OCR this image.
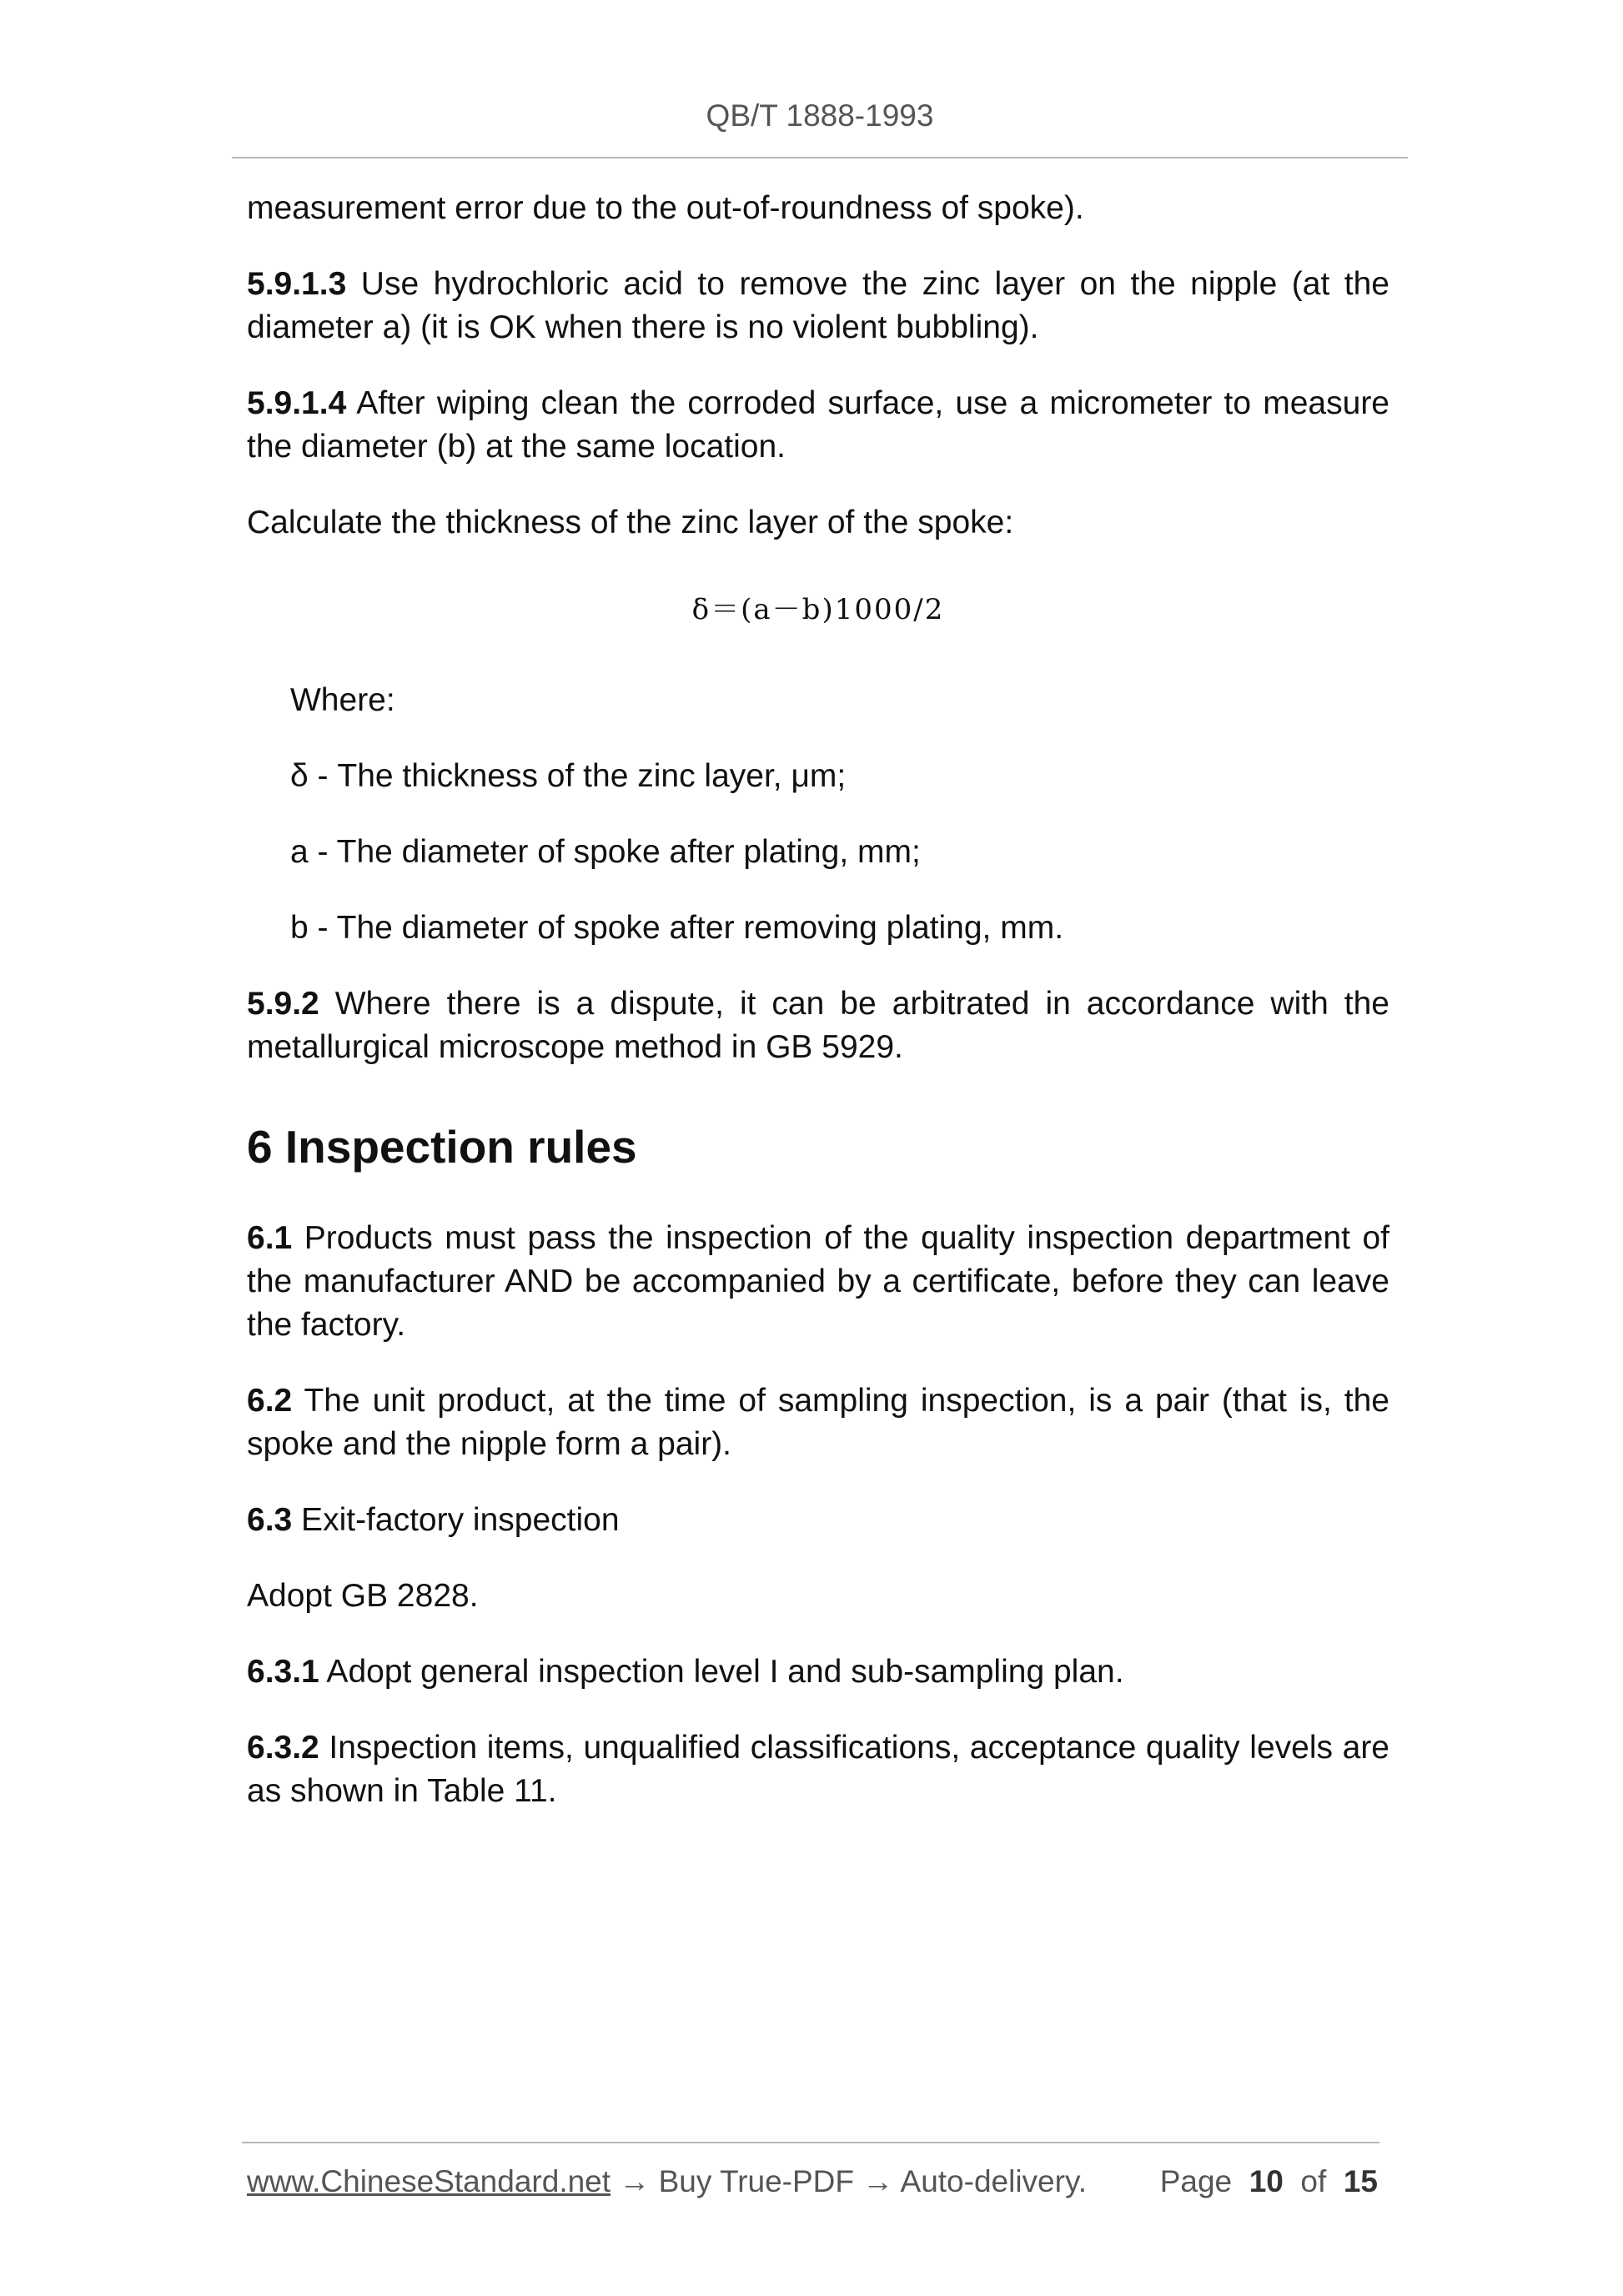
QB/T 1888-1993

measurement error due to the out-of-roundness of spoke).

5.9.1.3 Use hydrochloric acid to remove the zinc layer on the nipple (at the diameter a) (it is OK when there is no violent bubbling).

5.9.1.4 After wiping clean the corroded surface, use a micrometer to measure the diameter (b) at the same location.

Calculate the thickness of the zinc layer of the spoke:

δ＝(a－b)1000/2

Where:

δ - The thickness of the zinc layer, μm;

a - The diameter of spoke after plating, mm;

b - The diameter of spoke after removing plating, mm.

5.9.2 Where there is a dispute, it can be arbitrated in accordance with the metallurgical microscope method in GB 5929.

6 Inspection rules

6.1 Products must pass the inspection of the quality inspection department of the manufacturer AND be accompanied by a certificate, before they can leave the factory.

6.2 The unit product, at the time of sampling inspection, is a pair (that is, the spoke and the nipple form a pair).

6.3 Exit-factory inspection

Adopt GB 2828.

6.3.1 Adopt general inspection level I and sub-sampling plan.

6.3.2 Inspection items, unqualified classifications, acceptance quality levels are as shown in Table 11.

www.ChineseStandard.net → Buy True-PDF → Auto-delivery. Page 10 of 15
